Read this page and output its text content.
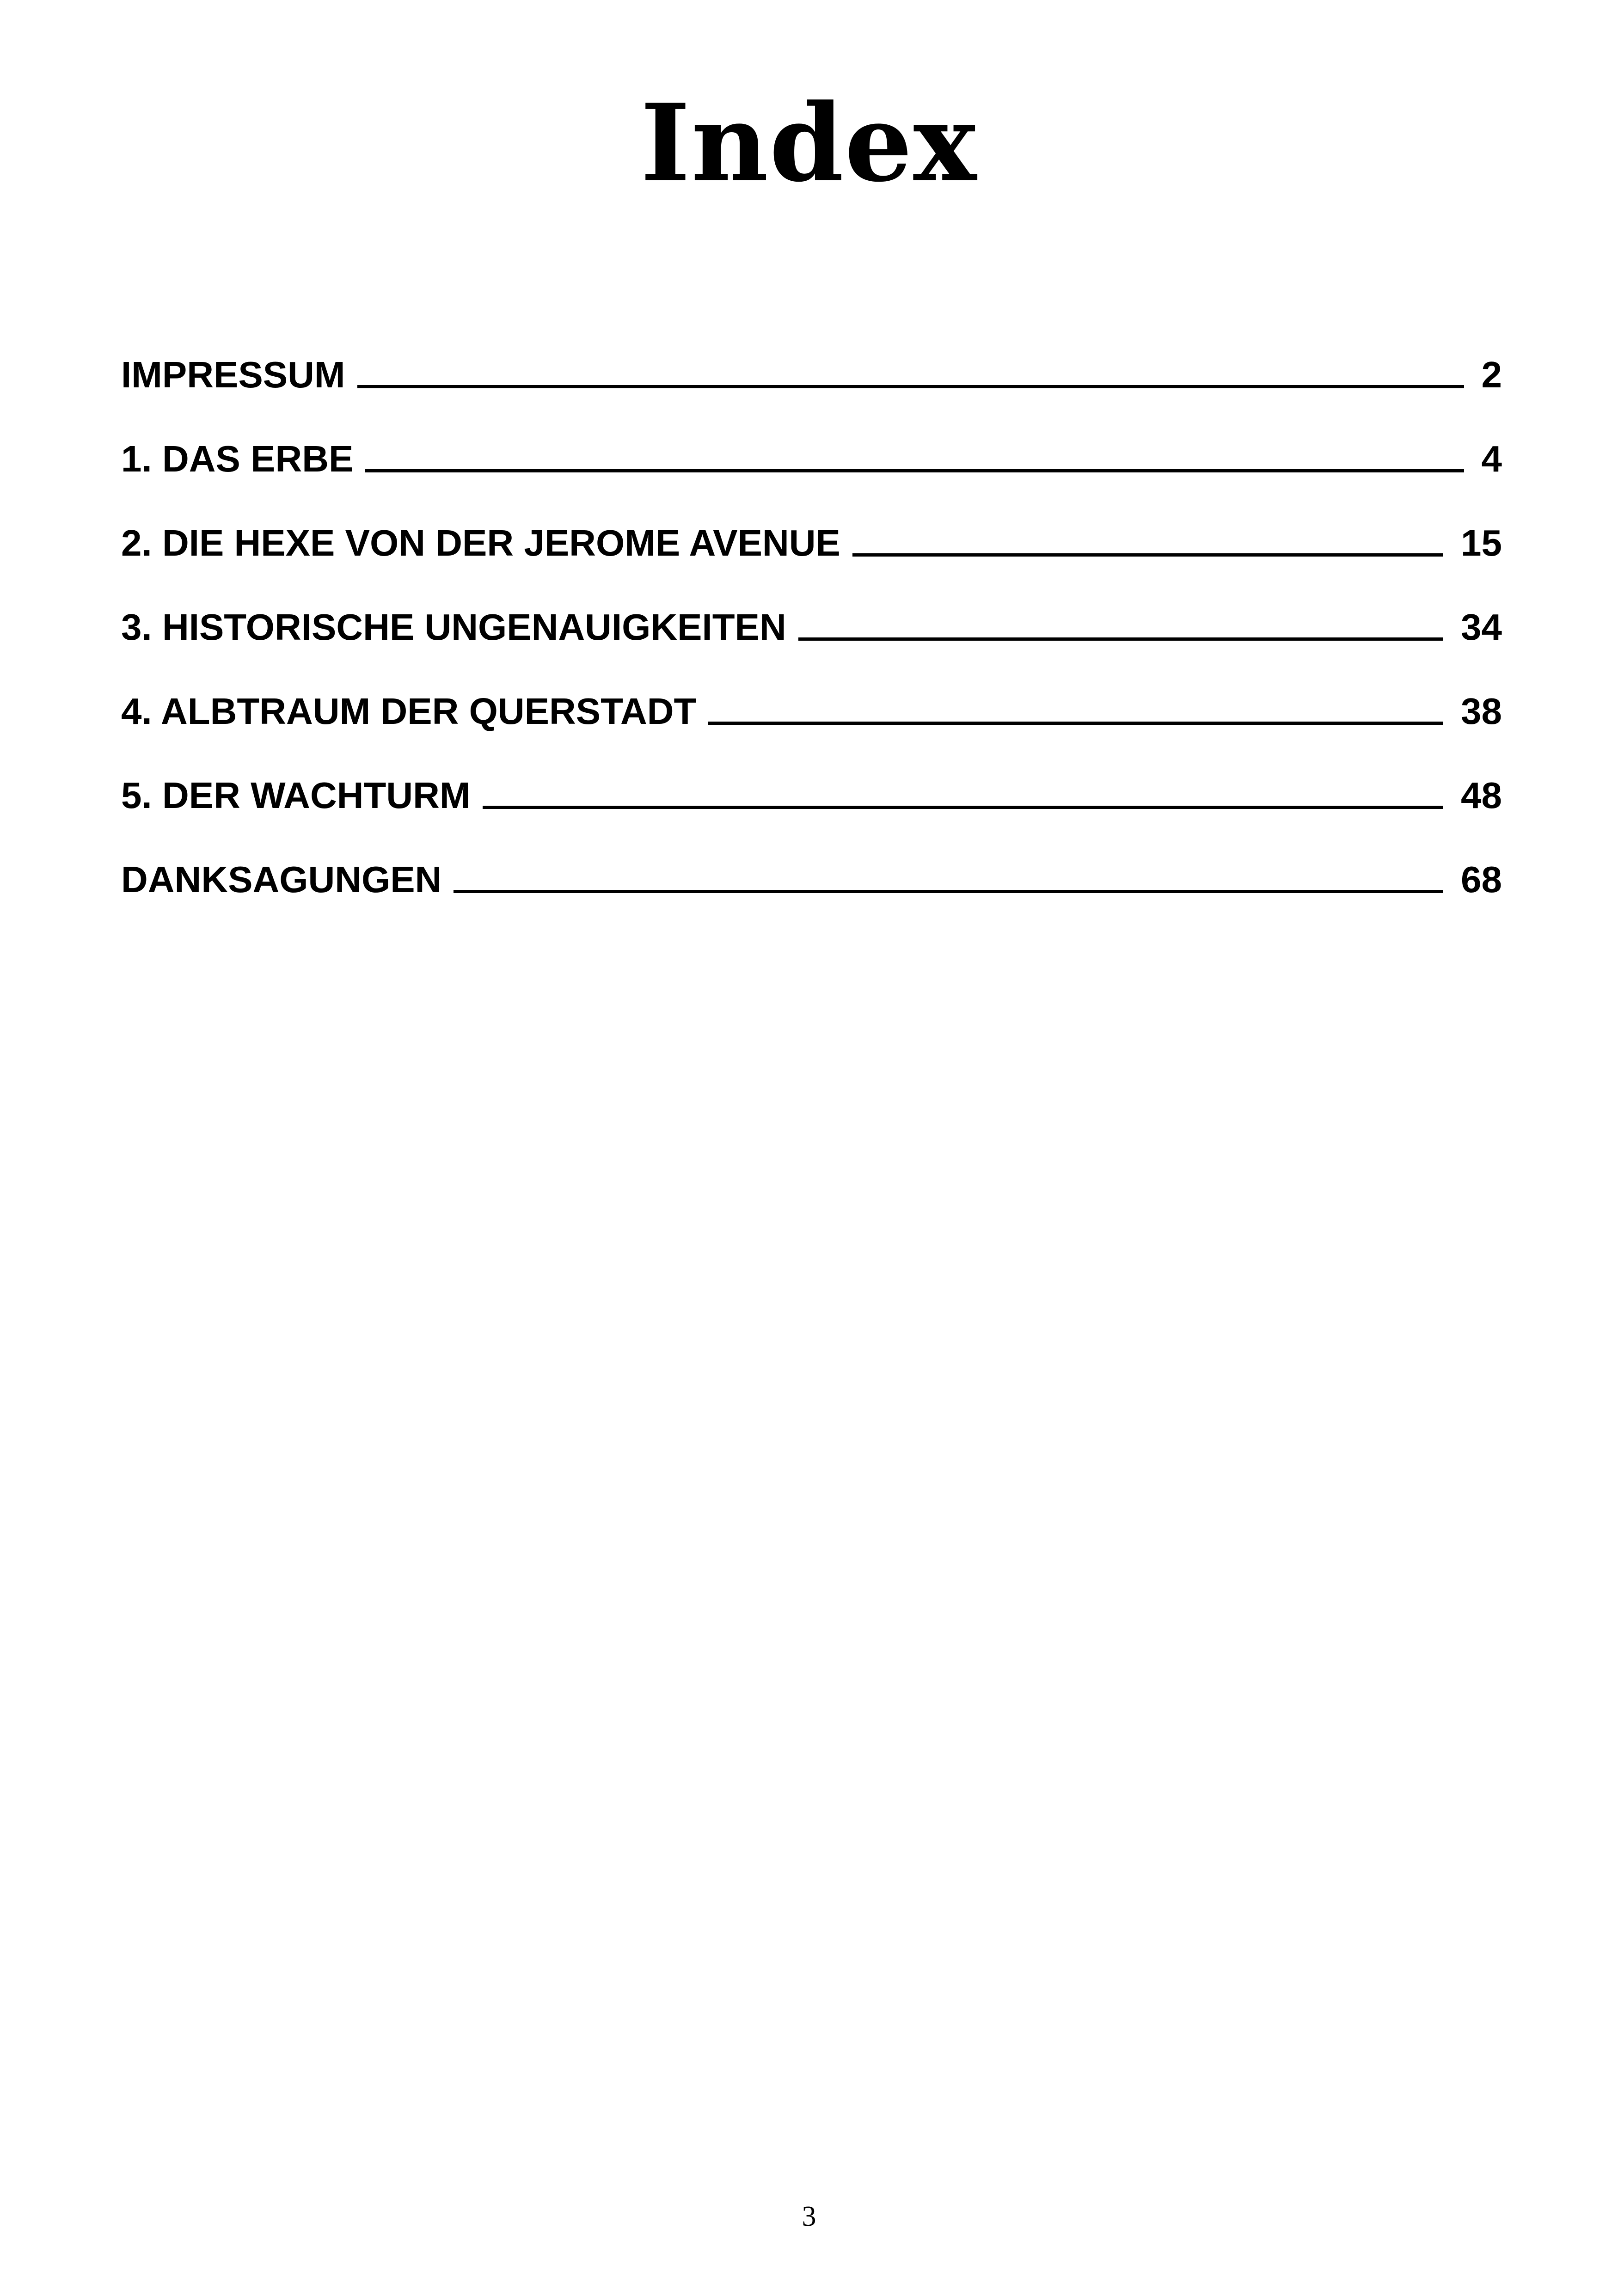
Index
IMPRESSUM	2
1. DAS ERBE	4
2. DIE HEXE VON DER JEROME AVENUE	15
3. HISTORISCHE UNGENAUIGKEITEN	34
4. ALBTRAUM DER QUERSTADT	38
5. DER WACHTURM	48
DANKSAGUNGEN	68
3
